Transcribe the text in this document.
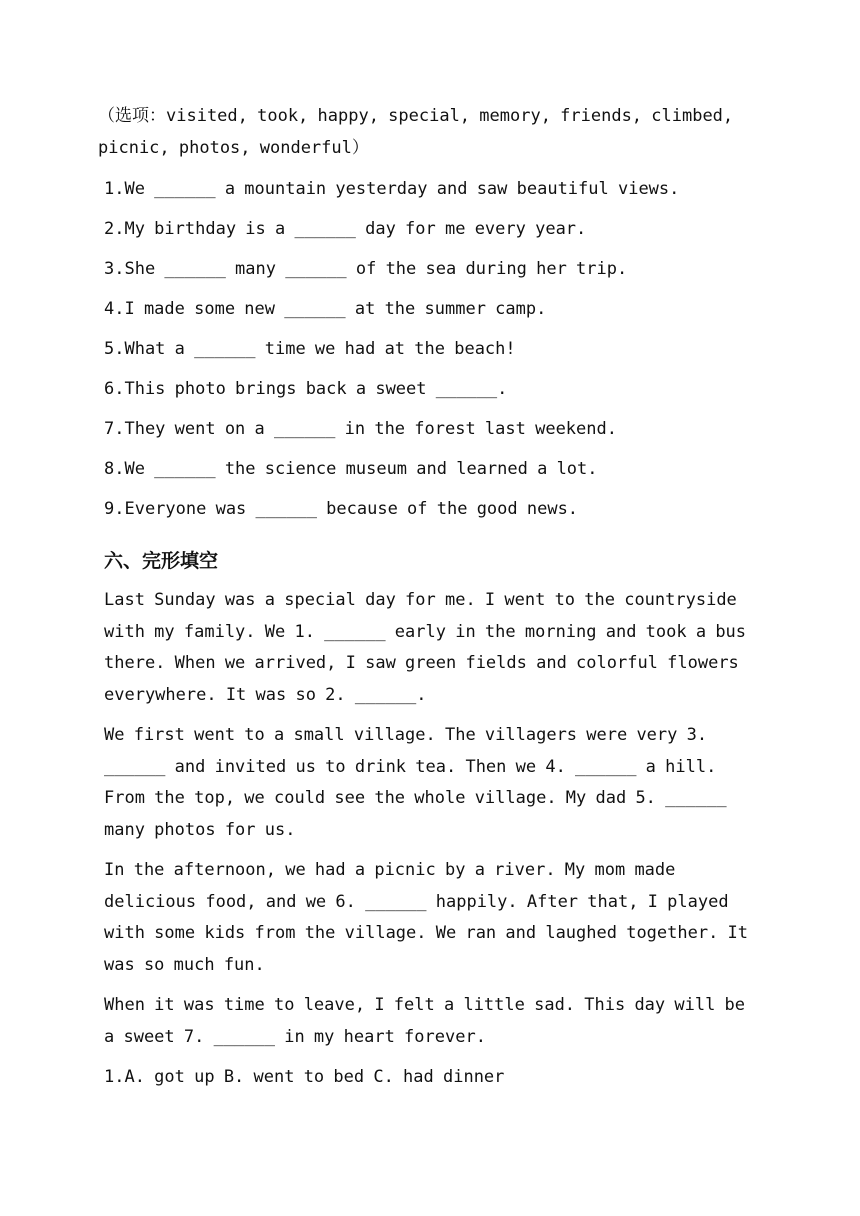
（选项：visited, took, happy, special, memory, friends, climbed, picnic, photos, wonderful）

1.We ______ a mountain yesterday and saw beautiful views.

2.My birthday is a ______ day for me every year.

3.She ______ many ______ of the sea during her trip.

4.I made some new ______ at the summer camp.

5.What a ______ time we had at the beach!

6.This photo brings back a sweet ______.

7.They went on a ______ in the forest last weekend.

8.We ______ the science museum and learned a lot.

9.Everyone was ______ because of the good news.

六、完形填空

Last Sunday was a special day for me. I went to the countryside with my family. We 1. ______ early in the morning and took a bus there. When we arrived, I saw green fields and colorful flowers everywhere. It was so 2. ______.

We first went to a small village. The villagers were very 3. ______ and invited us to drink tea. Then we 4. ______ a hill. From the top, we could see the whole village. My dad 5. ______ many photos for us.

In the afternoon, we had a picnic by a river. My mom made delicious food, and we 6. ______ happily. After that, I played with some kids from the village. We ran and laughed together. It was so much fun.

When it was time to leave, I felt a little sad. This day will be a sweet 7. ______ in my heart forever.

1.A. got up B. went to bed C. had dinner
